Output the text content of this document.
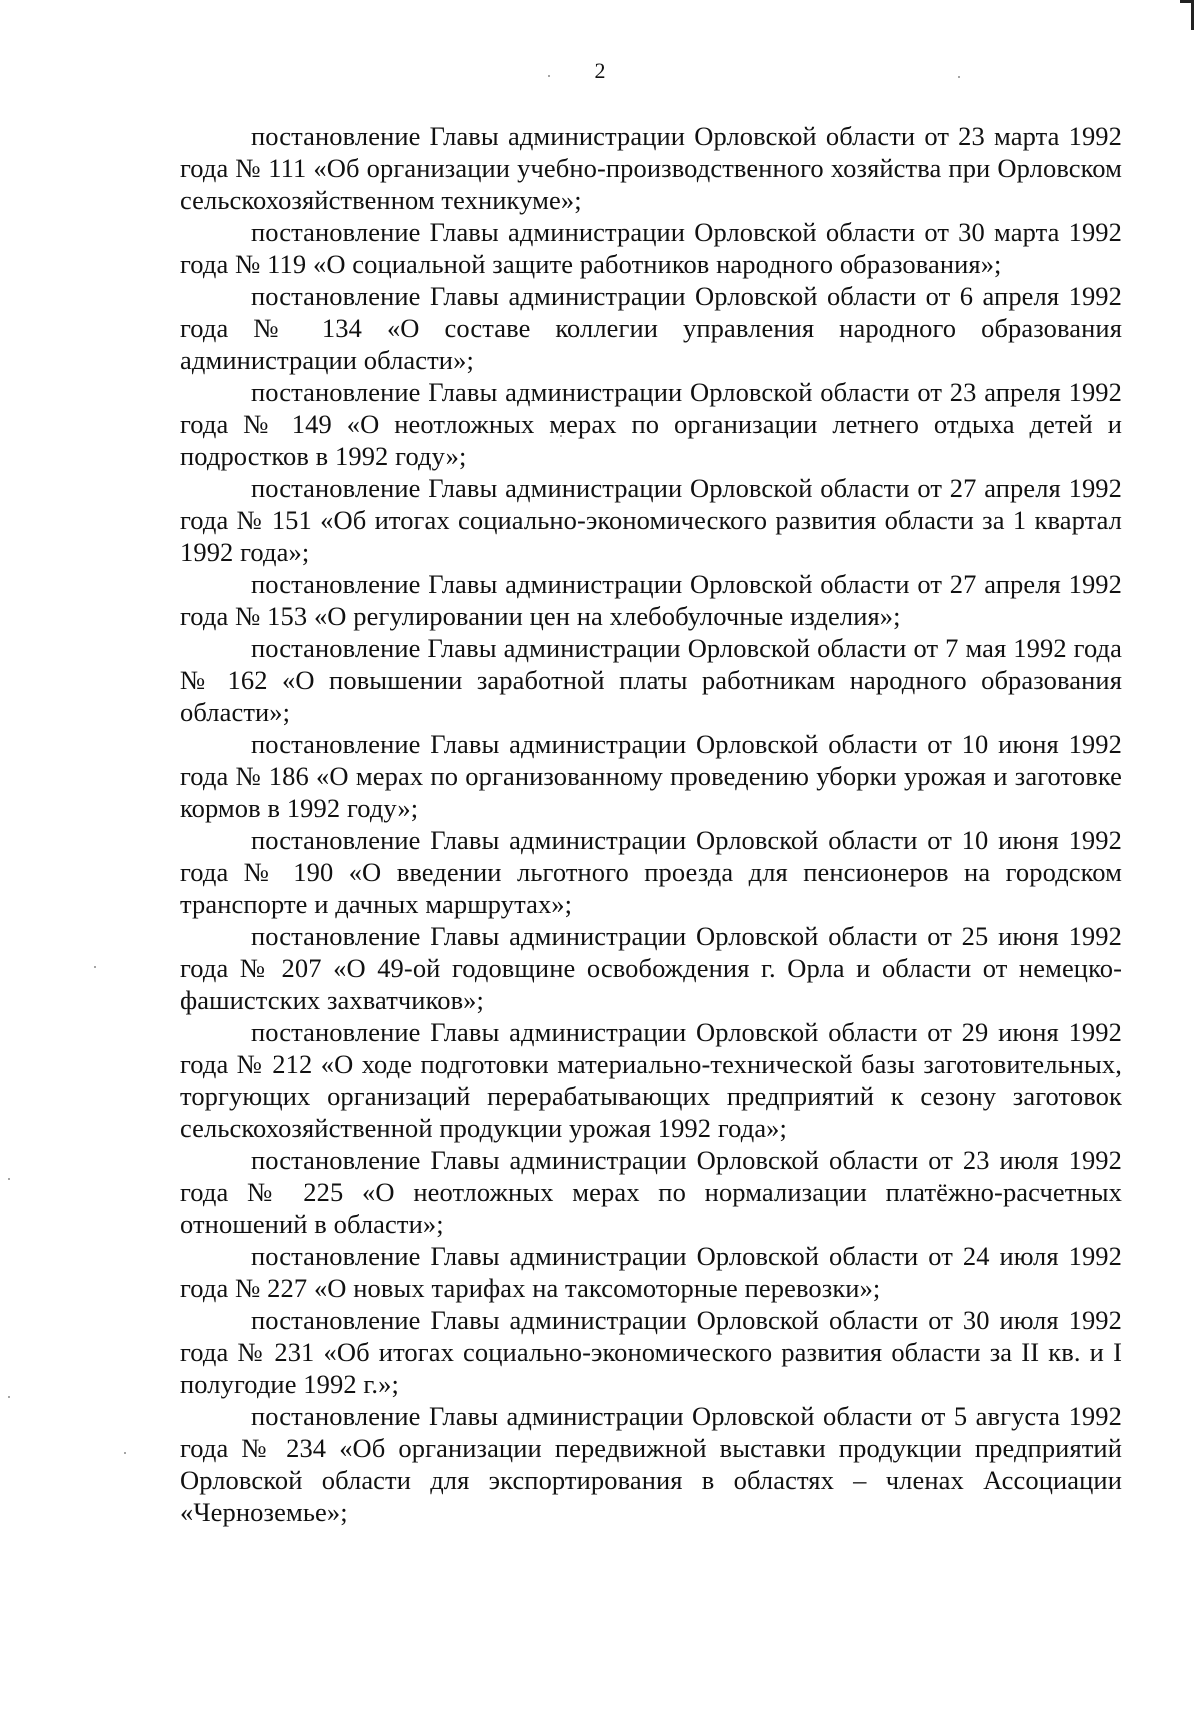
2

постановление Главы администрации Орловской области от 23 марта 1992 года № 111 «Об организации учебно-производственного хозяйства при Орловском сельскохозяйственном техникуме»;

постановление Главы администрации Орловской области от 30 марта 1992 года № 119 «О социальной защите работников народного образования»;

постановление Главы администрации Орловской области от 6 апреля 1992 года № 134 «О составе коллегии управления народного образования администрации области»;

постановление Главы администрации Орловской области от 23 апреля 1992 года № 149 «О неотложных мерах по организации летнего отдыха детей и подростков в 1992 году»;

постановление Главы администрации Орловской области от 27 апреля 1992 года № 151 «Об итогах социально-экономического развития области за 1 квартал 1992 года»;

постановление Главы администрации Орловской области от 27 апреля 1992 года № 153 «О регулировании цен на хлебобулочные изделия»;

постановление Главы администрации Орловской области от 7 мая 1992 года № 162 «О повышении заработной платы работникам народного образования области»;

постановление Главы администрации Орловской области от 10 июня 1992 года № 186 «О мерах по организованному проведению уборки урожая и заготовке кормов в 1992 году»;

постановление Главы администрации Орловской области от 10 июня 1992 года № 190 «О введении льготного проезда для пенсионеров на городском транспорте и дачных маршрутах»;

постановление Главы администрации Орловской области от 25 июня 1992 года № 207 «О 49-ой годовщине освобождения г. Орла и области от немецко-фашистских захватчиков»;

постановление Главы администрации Орловской области от 29 июня 1992 года № 212 «О ходе подготовки материально-технической базы заготовительных, торгующих организаций перерабатывающих предприятий к сезону заготовок сельскохозяйственной продукции урожая 1992 года»;

постановление Главы администрации Орловской области от 23 июля 1992 года № 225 «О неотложных мерах по нормализации платёжно-расчетных отношений в области»;

постановление Главы администрации Орловской области от 24 июля 1992 года № 227 «О новых тарифах на таксомоторные перевозки»;

постановление Главы администрации Орловской области от 30 июля 1992 года № 231 «Об итогах социально-экономического развития области за II кв. и I полугодие 1992 г.»;

постановление Главы администрации Орловской области от 5 августа 1992 года № 234 «Об организации передвижной выставки продукции предприятий Орловской области для экспортирования в областях – членах Ассоциации «Черноземье»;
